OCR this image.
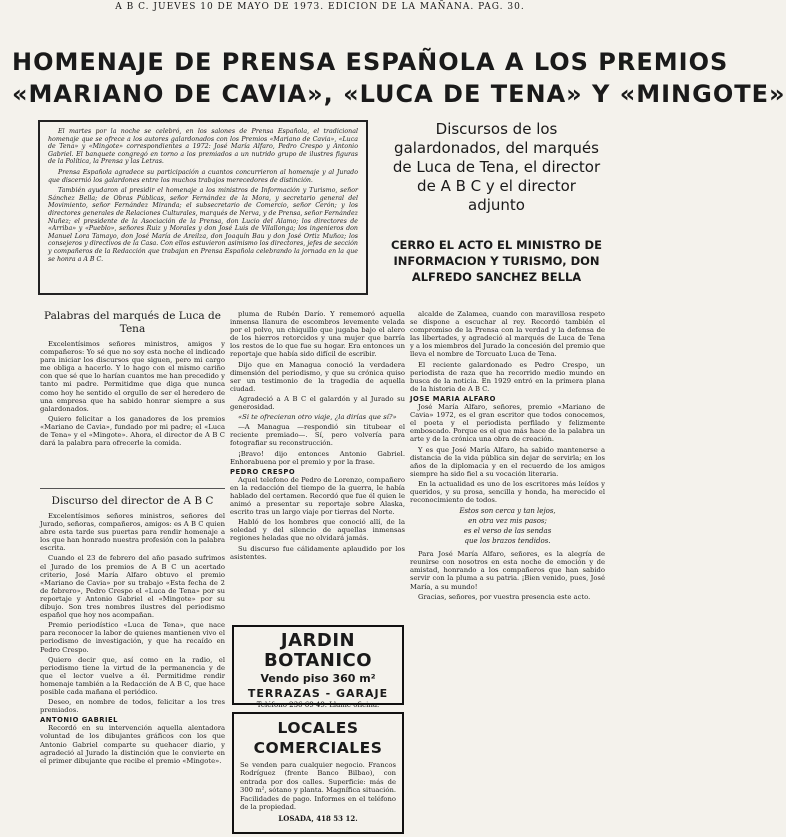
A B C. JUEVES 10 DE MAYO DE 1973. EDICION DE LA MAÑANA. PAG. 30.
HOMENAJE DE PRENSA ESPAÑOLA A LOS PREMIOS
«MARIANO DE CAVIA», «LUCA DE TENA» Y «MINGOTE»

El martes por la noche se celebró, en los salones de Prensa Española, el tradicional homenaje que se ofrece a los autores galardonados con los Premios «Mariano de Cavia», «Luca de Tena» y «Mingote» correspondientes a 1972: José María Alfaro, Pedro Crespo y Antonio Gabriel. El banquete congregó en torno a los premiados a un nutrido grupo de ilustres figuras de la Política, la Prensa y las Letras.

Prensa Española agradece su participación a cuantos concurrieron al homenaje y al Jurado que discernió los galardones entre los muchos trabajos merecedores de distinción.

También ayudaron al presidir el homenaje a los ministros de Información y Turismo, señor Sánchez Bella; de Obras Públicas, señor Fernández de la Mora, y secretario general del Movimiento, señor Fernández Miranda; el subsecretario de Comercio, señor Cerón; y los directores generales de Relaciones Culturales, marqués de Nerva, y de Prensa, señor Fernández Nuñez; el presidente de la Asociación de la Prensa, don Lucio del Alamo; los directores de «Arriba» y «Pueblo», señores Ruiz y Morales y don José Luis de Vilallonga; los ingenieros don Manuel Lora Tamayo, don José María de Areilza, don Joaquín Bau y don José Ortiz Muñoz; los consejeros y directivos de la Casa. Con ellos estuvieron asimismo los directores, jefes de sección y compañeros de la Redacción que trabajan en Prensa Española celebrando la jornada en la que se honra a A B C.

Discursos de los galardonados, del marqués de Luca de Tena, el director de A B C y el director adjunto
CERRO EL ACTO EL MINISTRO DE INFORMACION Y TURISMO, DON ALFREDO SANCHEZ BELLA
Palabras del marqués de Luca de Tena

Excelentísimos señores ministros, amigos y compañeros: Yo sé que no soy esta noche el indicado para iniciar los discursos que siguen, pero mi cargo me obliga a hacerlo. Y lo hago con el mismo cariño con que sé que lo harían cuantos me han precedido y tanto mi padre. Permitidme que diga que nunca como hoy he sentido el orgullo de ser el heredero de una empresa que ha sabido honrar siempre a sus galardonados.

Quiero felicitar a los ganadores de los premios «Mariano de Cavia», fundado por mi padre; el «Luca de Tena» y el «Mingote». Ahora, el director de A B C dará la palabra para ofrecerle la comida.

Discurso del director de A B C

Excelentísimos señores ministros, señores del Jurado, señoras, compañeros, amigos: es A B C quien abre esta tarde sus puertas para rendir homenaje a los que han honrado nuestra profesión con la palabra escrita.

Cuando el 23 de febrero del año pasado sufrimos el Jurado de los premios de A B C un acertado criterio, José María Alfaro obtuvo el premio «Mariano de Cavia» por su trabajo «Esta fecha de 2 de febrero», Pedro Crespo el «Luca de Tena» por su reportaje y Antonio Gabriel el «Mingote» por su dibujo. Son tres nombres ilustres del periodismo español que hoy nos acompañan.

Premio periodístico «Luca de Tena», que nace para reconocer la labor de quienes mantienen vivo el periodismo de investigación, y que ha recaído en Pedro Crespo.

Quiero decir que, así como en la radio, el periodismo tiene la virtud de la permanencia y de que el lector vuelve a él. Permitidme rendir homenaje también a la Redacción de A B C, que hace posible cada mañana el periódico.

Deseo, en nombre de todos, felicitar a los tres premiados.

ANTONIO GABRIEL

Recordó en su intervención aquella alentadora voluntad de los dibujantes gráficos con los que Antonio Gabriel comparte su quehacer diario, y agradeció al Jurado la distinción que le convierte en el primer dibujante que recibe el premio «Mingote».

pluma de Rubén Darío. Y rememoró aquella inmensa llanura de escombros levemente velada por el polvo, un chiquillo que jugaba bajo el alero de los hierros retorcidos y una mujer que barría los restos de lo que fue su hogar. Era entonces un reportaje que había sido difícil de escribir.

Dijo que en Managua conoció la verdadera dimensión del periodismo, y que su crónica quiso ser un testimonio de la tragedia de aquella ciudad.

Agradeció a A B C el galardón y al Jurado su generosidad.

«Si te ofrecieran otro viaje, ¿la dirías que sí?»

—A Managua —respondió sin titubear el reciente premiado—. Sí, pero volvería para fotografiar su reconstrucción.

¡Bravo! dijo entonces Antonio Gabriel. Enhorabuena por el premio y por la frase.

PEDRO CRESPO

Aquel telefono de Pedro de Lorenzo, compañero en la redacción del tiempo de la guerra, le había hablado del certamen. Recordó que fue él quien le animó a presentar su reportaje sobre Alaska, escrito tras un largo viaje por tierras del Norte.

Habló de los hombres que conoció allí, de la soledad y del silencio de aquellas inmensas regiones heladas que no olvidará jamás.

Su discurso fue cálidamente aplaudido por los asistentes.

JARDIN BOTANICO
Vendo piso 360 m²
TERRAZAS - GARAJE
Teléfono 236 69 49. Llame oficina.
LOCALES COMERCIALES
Se venden para cualquier negocio. Francos Rodríguez (frente Banco Bilbao), con entrada por dos calles. Superficie: más de 300 m², sótano y planta. Magnífica situación. Facilidades de pago. Informes en el teléfono de la propiedad.
LOSADA, 418 53 12.

alcalde de Zalamea, cuando con maravillosa respeto se dispone a escuchar al rey. Recordó también el compromiso de la Prensa con la verdad y la defensa de las libertades, y agradeció al marqués de Luca de Tena y a los miembros del Jurado la concesión del premio que lleva el nombre de Torcuato Luca de Tena.

El reciente galardonado es Pedro Crespo, un periodista de raza que ha recorrido medio mundo en busca de la noticia. En 1929 entró en la primera plana de la historia de A B C.

JOSE MARIA ALFARO

José María Alfaro, señores, premio «Mariano de Cavia» 1972, es el gran escritor que todos conocemos, el poeta y el periodista perfilado y felizmente emboscado. Porque es el que más hace de la palabra un arte y de la crónica una obra de creación.

Y es que José María Alfaro, ha sabido mantenerse a distancia de la vida pública sin dejar de servirla; en los años de la diplomacia y en el recuerdo de los amigos siempre ha sido fiel a su vocación literaria.

En la actualidad es uno de los escritores más leídos y queridos, y su prosa, sencilla y honda, ha merecido el reconocimiento de todos.

Estos son cerca y tan lejos,
en otra vez mis pasos;
es el verso de las sendas
que los brazos tendidos.

Para José María Alfaro, señores, es la alegría de reunirse con nosotros en esta noche de emoción y de amistad, honrando a los compañeros que han sabido servir con la pluma a su patria. ¡Bien venido, pues, José María, a su mundo!

Gracias, señores, por vuestra presencia este acto.
